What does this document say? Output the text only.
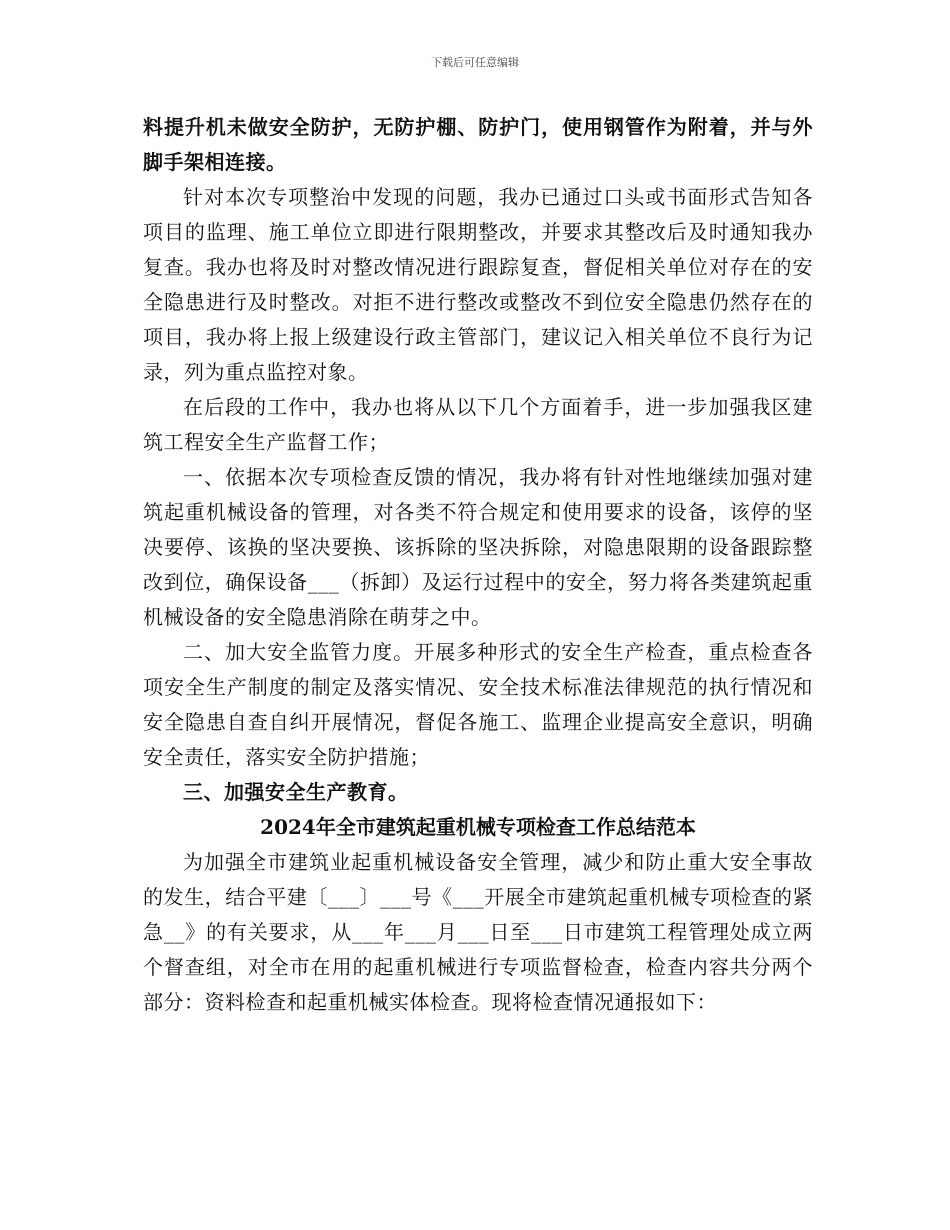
下载后可任意编辑

料提升机未做安全防护，无防护棚、防护门，使用钢管作为附着，并与外脚手架相连接。

针对本次专项整治中发现的问题，我办已通过口头或书面形式告知各项目的监理、施工单位立即进行限期整改，并要求其整改后及时通知我办复查。我办也将及时对整改情况进行跟踪复查，督促相关单位对存在的安全隐患进行及时整改。对拒不进行整改或整改不到位安全隐患仍然存在的项目，我办将上报上级建设行政主管部门，建议记入相关单位不良行为记录，列为重点监控对象。

在后段的工作中，我办也将从以下几个方面着手，进一步加强我区建筑工程安全生产监督工作；

一、依据本次专项检查反馈的情况，我办将有针对性地继续加强对建筑起重机械设备的管理，对各类不符合规定和使用要求的设备，该停的坚决要停、该换的坚决要换、该拆除的坚决拆除，对隐患限期的设备跟踪整改到位，确保设备___（拆卸）及运行过程中的安全，努力将各类建筑起重机械设备的安全隐患消除在萌芽之中。

二、加大安全监管力度。开展多种形式的安全生产检查，重点检查各项安全生产制度的制定及落实情况、安全技术标准法律规范的执行情况和安全隐患自查自纠开展情况，督促各施工、监理企业提高安全意识，明确安全责任，落实安全防护措施；

三、加强安全生产教育。

2024年全市建筑起重机械专项检查工作总结范本

为加强全市建筑业起重机械设备安全管理，减少和防止重大安全事故的发生，结合平建〔___〕___号《___开展全市建筑起重机械专项检查的紧急__》的有关要求，从___年___月___日至___日市建筑工程管理处成立两个督查组，对全市在用的起重机械进行专项监督检查，检查内容共分两个部分：资料检查和起重机械实体检查。现将检查情况通报如下：
